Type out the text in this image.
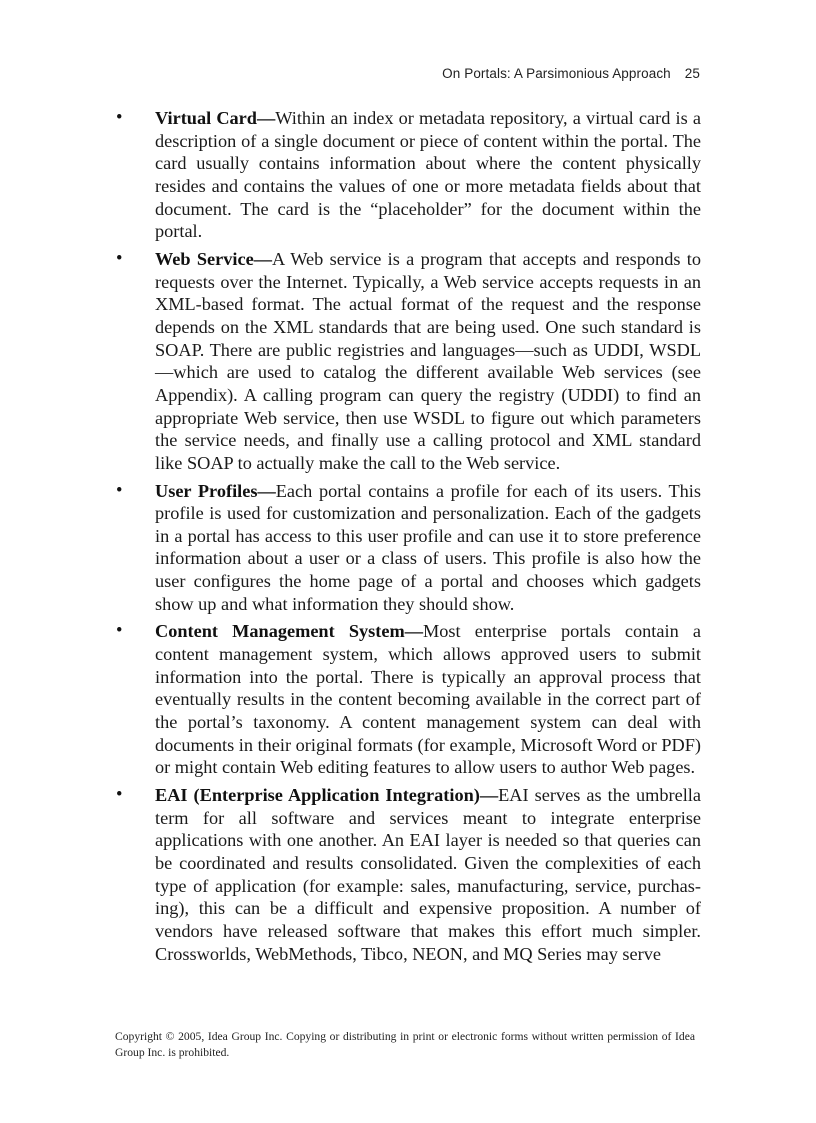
On Portals: A Parsimonious Approach 25
• Virtual Card—Within an index or metadata repository, a virtual card is a description of a single document or piece of content within the portal. The card usually contains information about where the content physically resides and contains the values of one or more metadata fields about that document. The card is the “placeholder” for the document within the portal.
• Web Service—A Web service is a program that accepts and responds to requests over the Internet. Typically, a Web service accepts requests in an XML-based format. The actual format of the request and the response depends on the XML standards that are being used. One such standard is SOAP. There are public registries and languages—such as UDDI, WSDL—which are used to catalog the different available Web services (see Appendix). A calling program can query the registry (UDDI) to find an appropriate Web service, then use WSDL to figure out which parameters the service needs, and finally use a calling protocol and XML standard like SOAP to actually make the call to the Web service.
• User Profiles—Each portal contains a profile for each of its users. This profile is used for customization and personalization. Each of the gadgets in a portal has access to this user profile and can use it to store preference information about a user or a class of users. This profile is also how the user configures the home page of a portal and chooses which gadgets show up and what information they should show.
• Content Management System—Most enterprise portals contain a content management system, which allows approved users to submit information into the portal. There is typically an approval process that eventually results in the content becoming available in the correct part of the portal’s taxonomy. A content management system can deal with documents in their original formats (for example, Microsoft Word or PDF) or might contain Web editing features to allow users to author Web pages.
• EAI (Enterprise Application Integration)—EAI serves as the umbrella term for all software and services meant to integrate enterprise applications with one another. An EAI layer is needed so that queries can be coordinated and results consolidated. Given the complexities of each type of application (for example: sales, manufacturing, service, purchasing), this can be a difficult and expensive proposition. A number of vendors have released software that makes this effort much simpler. Crossworlds, WebMethods, Tibco, NEON, and MQ Series may serve
Copyright © 2005, Idea Group Inc. Copying or distributing in print or electronic forms without written permission of Idea Group Inc. is prohibited.
